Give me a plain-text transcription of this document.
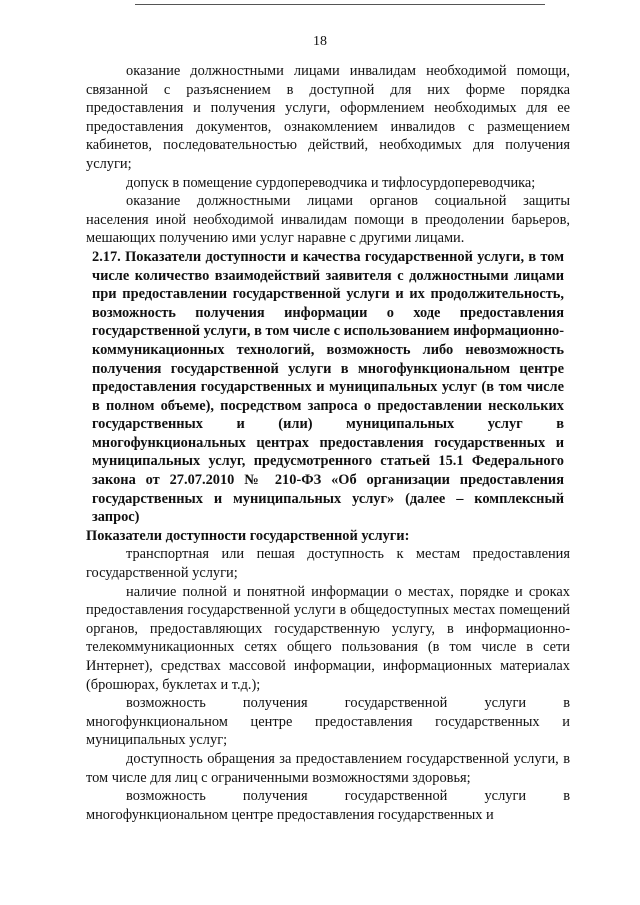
18

оказание должностными лицами инвалидам необходимой помощи, связанной с разъяснением в доступной для них форме порядка предоставления и получения услуги, оформлением необходимых для ее предоставления документов, ознакомлением инвалидов с размещением кабинетов, последовательностью действий, необходимых для получения услуги;

допуск в помещение сурдопереводчика и тифлосурдопереводчика;

оказание должностными лицами органов социальной защиты населения иной необходимой инвалидам помощи в преодолении барьеров, мешающих получению ими услуг наравне с другими лицами.

2.17. Показатели доступности и качества государственной услуги, в том числе количество взаимодействий заявителя с должностными лицами при предоставлении государственной услуги и их продолжительность, возможность получения информации о ходе предоставления государственной услуги, в том числе с использованием информационно-коммуникационных технологий, возможность либо невозможность получения государственной услуги в многофункциональном центре предоставления государственных и муниципальных услуг (в том числе в полном объеме), посредством запроса о предоставлении нескольких государственных и (или) муниципальных услуг в многофункциональных центрах предоставления государственных и муниципальных услуг, предусмотренного статьей 15.1 Федерального закона от 27.07.2010 № 210-ФЗ «Об организации предоставления государственных и муниципальных услуг» (далее – комплексный запрос)

Показатели доступности государственной услуги:

транспортная или пешая доступность к местам предоставления государственной услуги;

наличие полной и понятной информации о местах, порядке и сроках предоставления государственной услуги в общедоступных местах помещений органов, предоставляющих государственную услугу, в информационно-телекоммуникационных сетях общего пользования (в том числе в сети Интернет), средствах массовой информации, информационных материалах (брошюрах, буклетах и т.д.);

возможность получения государственной услуги в многофункциональном центре предоставления государственных и муниципальных услуг;

доступность обращения за предоставлением государственной услуги, в том числе для лиц с ограниченными возможностями здоровья;

возможность получения государственной услуги в многофункциональном центре предоставления государственных и
